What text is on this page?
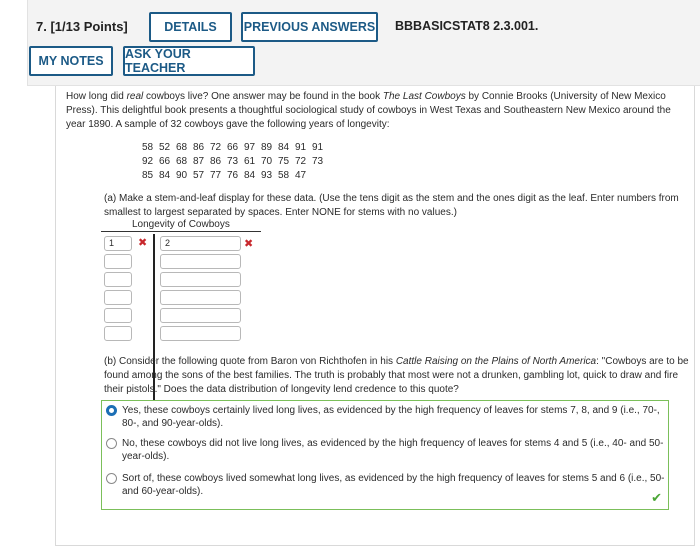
7. [1/13 Points]	DETAILS	PREVIOUS ANSWERS BBBASICSTAT8 2.3.001.
MY NOTES	ASK YOUR TEACHER
How long did real cowboys live? One answer may be found in the book The Last Cowboys by Connie Brooks (University of New Mexico Press). This delightful book presents a thoughtful sociological study of cowboys in West Texas and Southeastern New Mexico around the year 1890. A sample of 32 cowboys gave the following years of longevity:
58 52 68 86 72 66 97 89 84 91 91
92 66 68 87 86 73 61 70 75 72 73
85 84 90 57 77 76 84 93 58 47
(a) Make a stem-and-leaf display for these data. (Use the tens digit as the stem and the ones digit as the leaf. Enter numbers from smallest to largest separated by spaces. Enter NONE for stems with no values.)
Longevity of Cowboys
1	2
✖	✖
(b) Consider the following quote from Baron von Richthofen in his Cattle Raising on the Plains of North America: "Cowboys are to be found among the sons of the best families. The truth is probably that most were not a drunken, gambling lot, quick to draw and fire their pistols." Does the data distribution of longevity lend credence to this quote?
✔
Yes, these cowboys certainly lived long lives, as evidenced by the high frequency of leaves for stems 7, 8, and 9 (i.e., 70-, 80-, and 90-year-olds).
No, these cowboys did not live long lives, as evidenced by the high frequency of leaves for stems 4 and 5 (i.e., 40- and 50-year-olds).
Sort of, these cowboys lived somewhat long lives, as evidenced by the high frequency of leaves for stems 5 and 6 (i.e., 50- and 60-year-olds).
